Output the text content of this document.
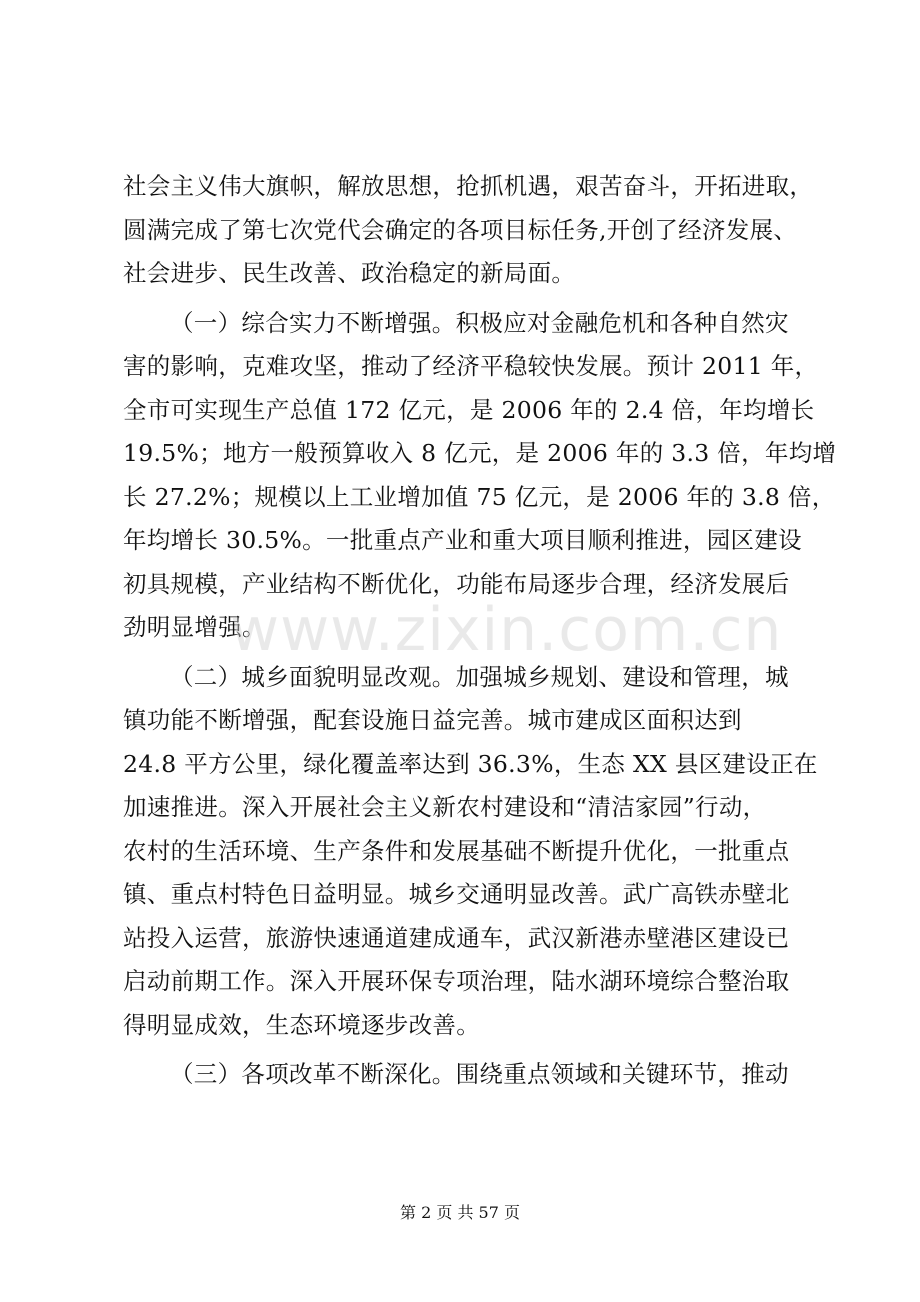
社会主义伟大旗帜，解放思想，抢抓机遇，艰苦奋斗，开拓进取，
圆满完成了第七次党代会确定的各项目标任务,开创了经济发展、
社会进步、民生改善、政治稳定的新局面。
（一）综合实力不断增强。积极应对金融危机和各种自然灾
害的影响，克难攻坚，推动了经济平稳较快发展。预计 2011 年，
全市可实现生产总值 172 亿元，是 2006 年的 2.4 倍，年均增长
19.5%；地方一般预算收入 8 亿元，是 2006 年的 3.3 倍，年均增
长 27.2%；规模以上工业增加值 75 亿元，是 2006 年的 3.8 倍，
年均增长 30.5%。一批重点产业和重大项目顺利推进，园区建设
初具规模，产业结构不断优化，功能布局逐步合理，经济发展后
劲明显增强。
（二）城乡面貌明显改观。加强城乡规划、建设和管理，城
镇功能不断增强，配套设施日益完善。城市建成区面积达到
24.8 平方公里，绿化覆盖率达到 36.3%，生态 XX 县区建设正在
加速推进。深入开展社会主义新农村建设和“清洁家园”行动，
农村的生活环境、生产条件和发展基础不断提升优化，一批重点
镇、重点村特色日益明显。城乡交通明显改善。武广高铁赤壁北
站投入运营，旅游快速通道建成通车，武汉新港赤壁港区建设已
启动前期工作。深入开展环保专项治理，陆水湖环境综合整治取
得明显成效，生态环境逐步改善。
（三）各项改革不断深化。围绕重点领域和关键环节，推动
www.zixin.com.cn
第 2 页 共 57 页
